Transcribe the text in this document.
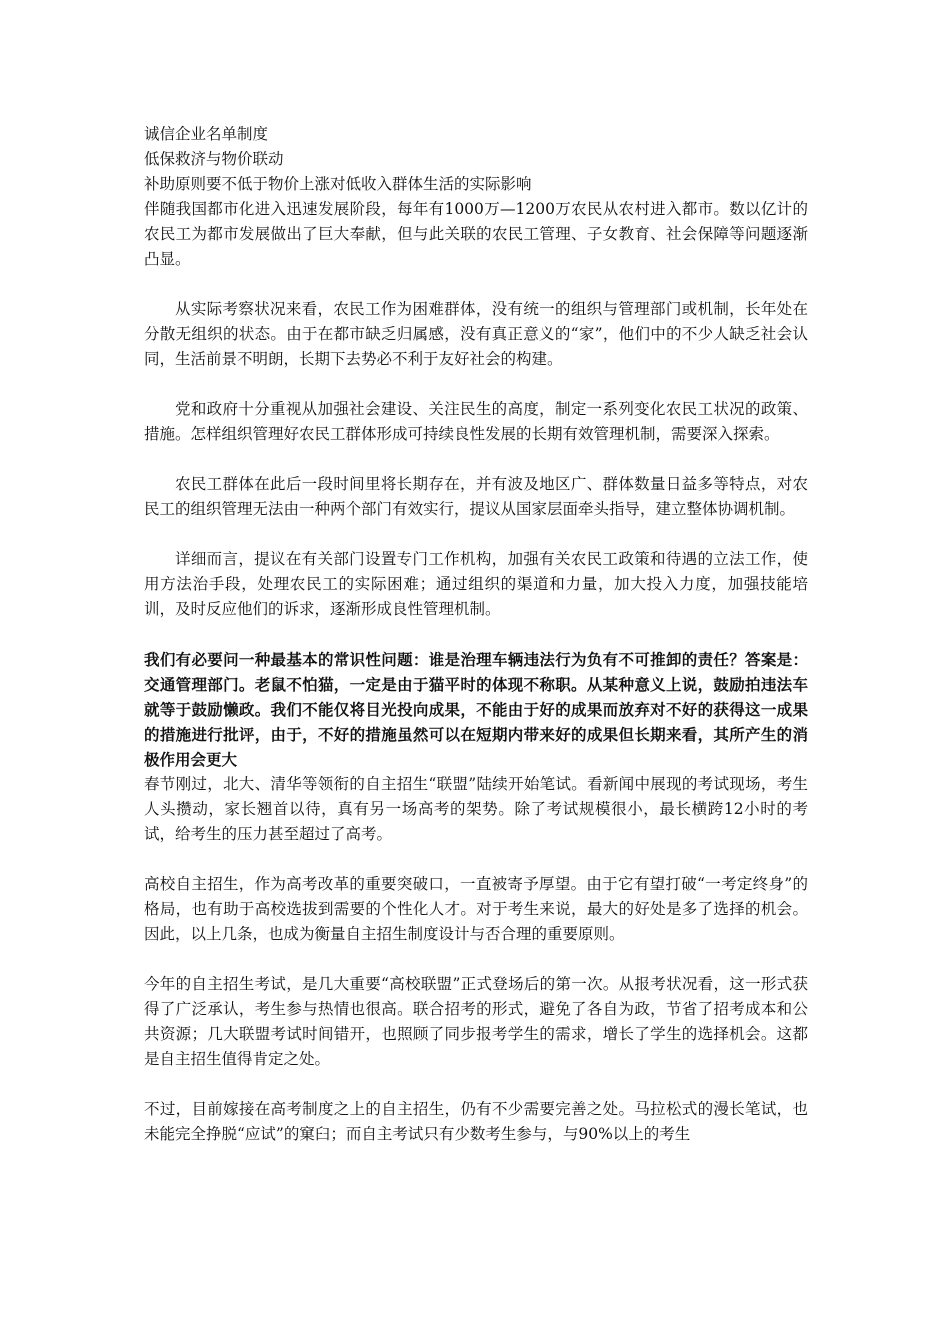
诚信企业名单制度

低保救济与物价联动

补助原则要不低于物价上涨对低收入群体生活的实际影响

伴随我国都市化进入迅速发展阶段，每年有1000万—1200万农民从农村进入都市。数以亿计的农民工为都市发展做出了巨大奉献，但与此关联的农民工管理、子女教育、社会保障等问题逐渐凸显。

从实际考察状况来看，农民工作为困难群体，没有统一的组织与管理部门或机制，长年处在分散无组织的状态。由于在都市缺乏归属感，没有真正意义的“家”，他们中的不少人缺乏社会认同，生活前景不明朗，长期下去势必不利于友好社会的构建。

党和政府十分重视从加强社会建设、关注民生的高度，制定一系列变化农民工状况的政策、措施。怎样组织管理好农民工群体形成可持续良性发展的长期有效管理机制，需要深入探索。

农民工群体在此后一段时间里将长期存在，并有波及地区广、群体数量日益多等特点，对农民工的组织管理无法由一种两个部门有效实行，提议从国家层面牵头指导，建立整体协调机制。

详细而言，提议在有关部门设置专门工作机构，加强有关农民工政策和待遇的立法工作，使用方法治手段，处理农民工的实际困难；通过组织的渠道和力量，加大投入力度，加强技能培训，及时反应他们的诉求，逐渐形成良性管理机制。

我们有必要问一种最基本的常识性问题：谁是治理车辆违法行为负有不可推卸的责任？答案是：交通管理部门。老鼠不怕猫，一定是由于猫平时的体现不称职。从某种意义上说，鼓励拍违法车就等于鼓励懒政。我们不能仅将目光投向成果，不能由于好的成果而放弃对不好的获得这一成果的措施进行批评，由于，不好的措施虽然可以在短期内带来好的成果但长期来看，其所产生的消极作用会更大

春节刚过，北大、清华等领衔的自主招生“联盟”陆续开始笔试。看新闻中展现的考试现场，考生人头攒动，家长翘首以待，真有另一场高考的架势。除了考试规模很小，最长横跨12小时的考试，给考生的压力甚至超过了高考。

高校自主招生，作为高考改革的重要突破口，一直被寄予厚望。由于它有望打破“一考定终身”的格局，也有助于高校选拔到需要的个性化人才。对于考生来说，最大的好处是多了选择的机会。因此，以上几条，也成为衡量自主招生制度设计与否合理的重要原则。

今年的自主招生考试，是几大重要“高校联盟”正式登场后的第一次。从报考状况看，这一形式获得了广泛承认，考生参与热情也很高。联合招考的形式，避免了各自为政，节省了招考成本和公共资源；几大联盟考试时间错开，也照顾了同步报考学生的需求，增长了学生的选择机会。这都是自主招生值得肯定之处。

不过，目前嫁接在高考制度之上的自主招生，仍有不少需要完善之处。马拉松式的漫长笔试，也未能完全挣脱“应试”的窠臼；而自主考试只有少数考生参与，与90%以上的考生
